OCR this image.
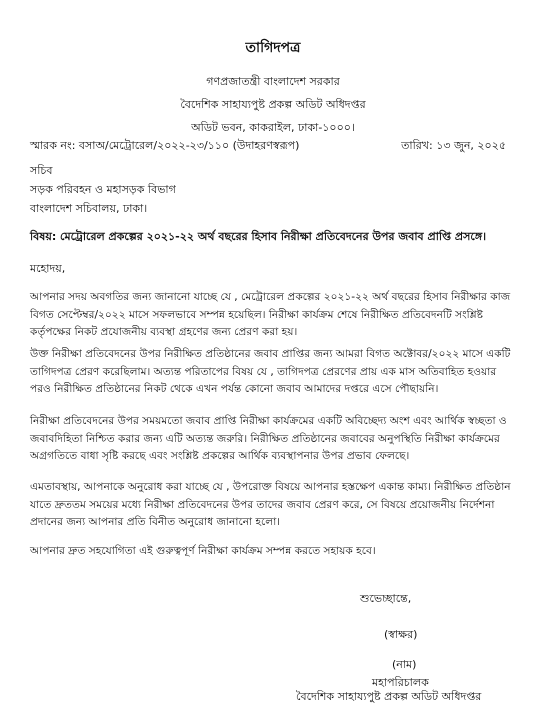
তাগিদপত্র
গণপ্রজাতন্ত্রী বাংলাদেশ সরকার
বৈদেশিক সাহায্যপুষ্ট প্রকল্প অডিট অধিদপ্তর
অডিট ভবন, কাকরাইল, ঢাকা-১০০০।
স্মারক নং: বসাঅ/মেট্রোরেল/২০২২-২৩/১১০ (উদাহরণস্বরূপ)	তারিখ: ১৩ জুন, ২০২৫
সচিব
সড়ক পরিবহন ও মহাসড়ক বিভাগ
বাংলাদেশ সচিবালয়, ঢাকা।
বিষয়: মেট্রোরেল প্রকল্পের ২০২১-২২ অর্থ বছরের হিসাব নিরীক্ষা প্রতিবেদনের উপর জবাব প্রাপ্তি প্রসঙ্গে।
মহোদয়,
আপনার সদয় অবগতির জন্য জানানো যাচ্ছে যে , মেট্রোরেল প্রকল্পের ২০২১-২২ অর্থ বছরের হিসাব নিরীক্ষার কাজ বিগত সেপ্টেম্বর/২০২২ মাসে সফলভাবে সম্পন্ন হয়েছিল। নিরীক্ষা কার্যক্রম শেষে নিরীক্ষিত প্রতিবেদনটি সংশ্লিষ্ট কর্তৃপক্ষের নিকট প্রযোজনীয় ব্যবস্থা গ্রহণের জন্য প্রেরণ করা হয়।
উক্ত নিরীক্ষা প্রতিবেদনের উপর নিরীক্ষিত প্রতিষ্ঠানের জবাব প্রাপ্তির জন্য আমরা বিগত অক্টোবর/২০২২ মাসে একটি তাগিদপত্র প্রেরণ করেছিলাম। অত্যন্ত পরিতাপের বিষয় যে , তাগিদপত্র প্রেরণের প্রায় এক মাস অতিবাহিত হওয়ার পরও নিরীক্ষিত প্রতিষ্ঠানের নিকট থেকে এখন পর্যন্ত কোনো জবাব আমাদের দপ্তরে এসে পৌছায়নি।
নিরীক্ষা প্রতিবেদনের উপর সময়মতো জবাব প্রাপ্তি নিরীক্ষা কার্যক্রমের একটি অবিচ্ছেদ্য অংশ এবং আর্থিক স্বচ্ছতা ও জবাবদিহিতা নিশ্চিত করার জন্য এটি অত্যন্ত জরুরি। নিরীক্ষিত প্রতিষ্ঠানের জবাবের অনুপস্থিতি নিরীক্ষা কার্যক্রমের অগ্রগতিতে বাধা সৃষ্টি করছে এবং সংশ্লিষ্ট প্রকল্পের আর্থিক ব্যবস্থাপনার উপর প্রভাব ফেলছে।
এমতাবস্থায়, আপনাকে অনুরোধ করা যাচ্ছে যে , উপরোক্ত বিষয়ে আপনার হস্তক্ষেপ একান্ত কাম্য। নিরীক্ষিত প্রতিষ্ঠান যাতে দ্রুততম সময়ের মধ্যে নিরীক্ষা প্রতিবেদনের উপর তাদের জবাব প্রেরণ করে, সে বিষয়ে প্রয়োজনীয় নির্দেশনা প্রদানের জন্য আপনার প্রতি বিনীত অনুরোধ জানানো হলো।
আপনার দ্রুত সহযোগিতা এই গুরুত্বপূর্ণ নিরীক্ষা কার্যক্রম সম্পন্ন করতে সহায়ক হবে।
শুভেচ্ছান্তে,
(স্বাক্ষর)
(নাম)
মহাপরিচালক
বৈদেশিক সাহায্যপুষ্ট প্রকল্প অডিট অধিদপ্তর
